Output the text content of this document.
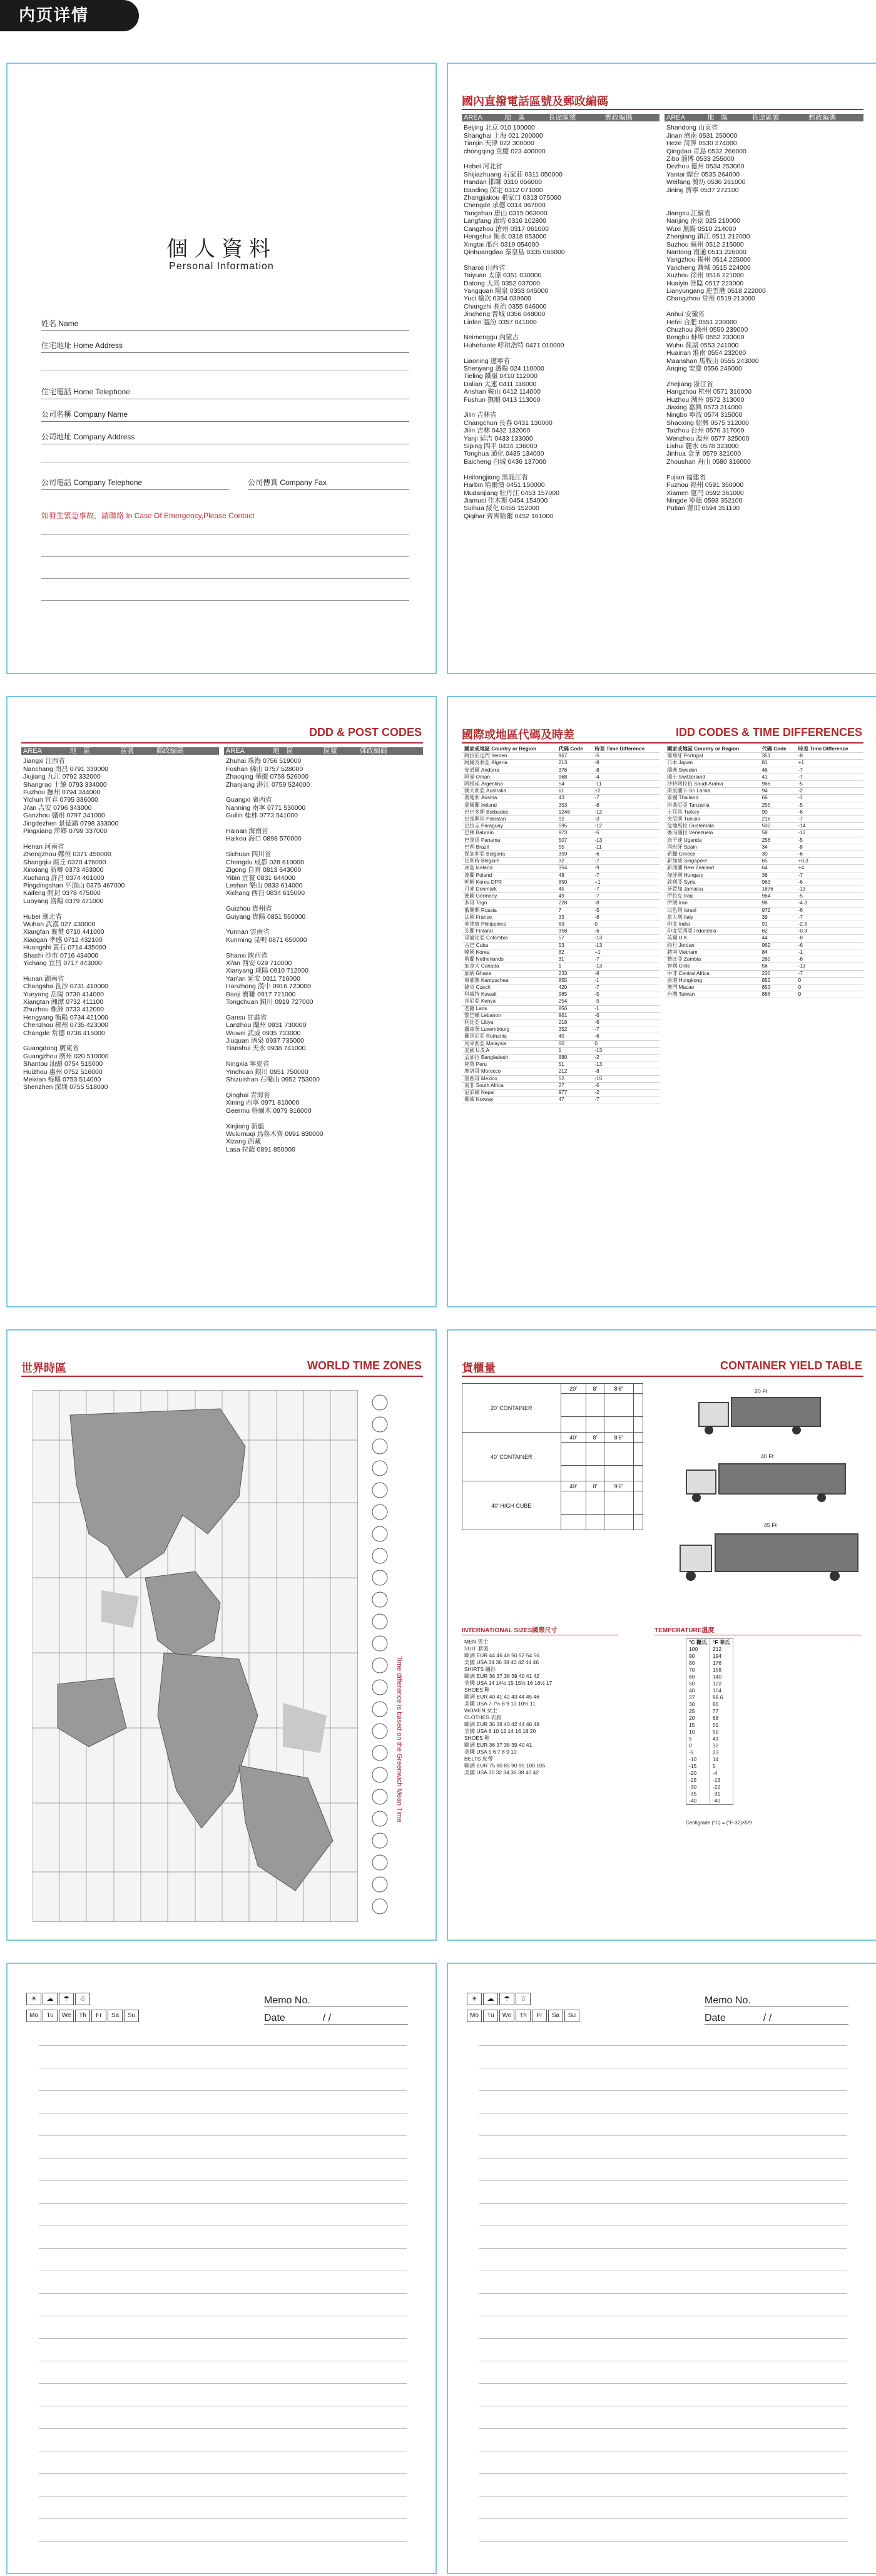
内页详情
個人資料
Personal Information
姓名 Name
住宅地址 Home Address
住宅電話 Home Telephone
公司名稱 Company Name
公司地址 Company Address
公司電話 Company Telephone	公司傳真 Company Fax
如發生緊急事故，請聯絡 In Case Of Emergency,Please Contact
國內直撥電話區號及郵政編碼
AREA	地　區	長途區號	郵政編碼
Beijing 北京 010 100000
Shanghai 上海 021 200000
Tianjin 天津 022 300000
chongqing 重慶 023 400000

Hebei 河北省
Shijiazhuang 石家莊 0311 050000
Handan 邯鄲 0310 056000
Baoding 保定 0312 071000
Zhangjiakou 張家口 0313 075000
Chengde 承德 0314 067000
Tangshan 唐山 0315 063000
Langfang 廊坊 0316 102800
Cangzhou 滄州 0317 061000
Hengshui 衡水 0318 053000
Xingtai 邢台 0319 054000
Qinhuangdao 秦皇島 0335 066000

Shanxi 山西省
Taiyuan 太原 0351 030000
Datong 大同 0352 037000
Yangquan 陽泉 0353 045000
Yuci 榆次 0354 030600
Changzhi 長治 0355 046000
Jincheng 晉城 0356 048000
Linfen 臨汾 0357 041000

Neimenggu 內蒙古
Huhehaote 呼和浩特 0471 010000

Liaoning 遼寧省
Shenyang 瀋陽 024 110000
Tieling 鐵嶺 0410 112000
Dalian 大連 0411 116000
Anshan 鞍山 0412 114000
Fushun 撫順 0413 113000

Jilin 吉林省
Changchun 長春 0431 130000
Jilin 吉林 0432 132000
Yanji 延吉 0433 133000
Siping 四平 0434 136000
Tonghua 通化 0435 134000
Baicheng 白城 0436 137000

Heilongjiang 黑龍江省
Harbin 哈爾濱 0451 150000
Mudanjiang 牡丹江 0453 157000
Jiamusi 佳木斯 0454 154000
Suihua 綏化 0455 152000
Qiqihar 齊齊哈爾 0452 161000
AREA	地　區	長途區號	郵政編碼
Shandong 山東省
Jinan 濟南 0531 250000
Heze 菏澤 0530 274000
Qingdao 青島 0532 266000
Zibo 淄博 0533 255000
Dezhou 德州 0534 253000
Yantai 煙台 0535 264000
Weifang 濰坊 0536 261000
Jining 濟寧 0537 272100

Jiangsu 江蘇省
Nanjing 南京 025 210000
Wuxi 無錫 0510 214000
Zhenjiang 鎮江 0511 212000
Suzhou 蘇州 0512 215000
Nantong 南通 0513 226000
Yangzhou 揚州 0514 225000
Yancheng 鹽城 0515 224000
Xuzhou 徐州 0516 221000
Huaiyin 淮陰 0517 223000
Lianyungang 連雲港 0518 222000
Changzhou 常州 0519 213000

Anhui 安徽省
Hefei 合肥 0551 230000
Chuzhou 滁州 0550 239000
Bengbu 蚌埠 0552 233000
Wuhu 蕪湖 0553 241000
Huainan 淮南 0554 232000
Maanshan 馬鞍山 0555 243000
Anqing 安慶 0556 246000

Zhejiang 浙江省
Hangzhou 杭州 0571 310000
Huzhou 湖州 0572 313000
Jiaxing 嘉興 0573 314000
Ningbo 寧波 0574 315000
Shaoxing 紹興 0575 312000
Taizhou 台州 0576 317000
Wenzhou 溫州 0577 325000
Lishui 麗水 0578 323000
Jinhua 金華 0579 321000
Zhoushan 舟山 0580 316000

Fujian 福建省
Fuzhou 福州 0591 350000
Xiamen 廈門 0592 361000
Ningde 寧德 0593 352100
Putian 莆田 0594 351100
DDD & POST CODES
AREA	地　區	區號	郵政編碼
Jiangxi 江西省
Nanchang 南昌 0791 330000
Jiujiang 九江 0792 332000
Shangrao 上饒 0793 334000
Fuzhou 撫州 0794 344000
Yichun 宜春 0795 336000
Ji'an 吉安 0796 343000
Ganzhou 贛州 0797 341000
Jingdezhen 景德鎮 0798 333000
Pingxiang 萍鄉 0799 337000

Henan 河南省
Zhengzhou 鄭州 0371 450000
Shangqiu 商丘 0370 476000
Xinxiang 新鄉 0373 453000
Xuchang 許昌 0374 461000
Pingdingshan 平頂山 0375 467000
Kaifeng 開封 0378 475000
Luoyang 洛陽 0379 471000

Hubei 湖北省
Wuhan 武漢 027 430000
Xiangfan 襄樊 0710 441000
Xiaogan 孝感 0712 432100
Huangshi 黃石 0714 435000
Shashi 沙市 0716 434000
Yichang 宜昌 0717 443000

Hunan 湖南省
Changsha 長沙 0731 410000
Yueyang 岳陽 0730 414000
Xiangtan 湘潭 0732 411100
Zhuzhou 株洲 0733 412000
Hengyang 衡陽 0734 421000
Chenzhou 郴州 0735 423000
Changde 常德 0736 415000

Guangdong 廣東省
Guangzhou 廣州 020 510000
Shantou 汕頭 0754 515000
Huizhou 惠州 0752 516000
Meixian 梅縣 0753 514000
Shenzhen 深圳 0755 518000
AREA	地　區	區號	郵政編碼
Zhuhai 珠海 0756 519000
Foshan 佛山 0757 528000
Zhaoqing 肇慶 0758 526000
Zhanjiang 湛江 0759 524000

Guangxi 廣西省
Nanning 南寧 0771 530000
Guilin 桂林 0773 541000

Hainan 海南省
Haikou 海口 0898 570000

Sichuan 四川省
Chengdu 成都 028 610000
Zigong 自貢 0813 643000
Yibin 宜賓 0831 644000
Leshan 樂山 0833 614000
Xichang 西昌 0834 615000

Guizhou 貴州省
Guiyang 貴陽 0851 550000

Yunnan 雲南省
Kunming 昆明 0871 650000

Shanxi 陝西省
Xi'an 西安 029 710000
Xianyang 咸陽 0910 712000
Yan'an 延安 0911 716000
Hanzhong 漢中 0916 723000
Baoji 寶雞 0917 721000
Tongchuan 銅川 0919 727000

Gansu 甘肅省
Lanzhou 蘭州 0931 730000
Wuwei 武威 0935 733000
Jiuquan 酒泉 0937 735000
Tianshui 天水 0938 741000

Ningxia 寧夏省
Yinchuan 銀川 0951 750000
Shizuishan 石嘴山 0952 753000

Qinghai 青海省
Xining 西寧 0971 810000
Geermu 格爾木 0979 816000

Xinjiang 新疆
Wulumuqi 烏魯木齊 0991 830000
Xizang 西藏
Lasa 拉薩 0891 850000
國際或地區代碼及時差	IDD CODES & TIME DIFFERENCES
國家或地區 Country or Region	代碼 Code	時差 Time Difference
阿拉伯也門 Yemen	967	-5
阿爾及利亞 Algeria	213	-8
安道爾 Andorra	376	-8
阿曼 Oman	968	-4
阿根廷 Argentina	54	-11
澳大利亞 Australia	61	+2
奧地利 Austria	43	-7
愛爾蘭 Ireland	353	-8
巴巴多斯 Barbados	1246	-12
巴基斯坦 Pakistan	92	-3
巴拉圭 Paraguay	595	-12
巴林 Bahrain	973	-5
巴拿馬 Panama	507	-13
巴西 Brazil	55	-11
保加利亞 Bulgaria	359	-6
比利時 Belgium	32	-7
冰島 Iceland	354	-9
波蘭 Poland	48	-7
朝鮮 Korea DPR	850	+1
丹麥 Denmark	45	-7
德國 Germany	49	-7
多哥 Togo	228	-8
俄羅斯 Russia	7	-5
法國 France	33	-8
菲律賓 Philippines	63	0
芬蘭 Finland	358	-6
哥倫比亞 Colombia	57	-13
古巴 Cuba	53	-13
韓國 Korea	82	+1
荷蘭 Netherlands	31	-7
加拿大 Canada	1	-13
加納 Ghana	233	-8
柬埔寨 Kampuchea	855	-1
捷克 Czech	420	-7
科威特 Kuwait	965	-5
肯尼亞 Kenya	254	-5
老撾 Laos	856	-1
黎巴嫩 Lebanon	961	-6
利比亞 Libya	218	-6
盧森堡 Luxembourg	352	-7
羅馬尼亞 Romania	40	-6
馬來西亞 Malaysia	60	0
美國 U.S.A	1	-13
孟加拉 Bangladesh	880	-2
秘魯 Peru	51	-13
摩洛哥 Morocco	212	-8
墨西哥 Mexico	52	-15
南非 South Africa	27	-6
尼泊爾 Nepal	977	-2
挪威 Norway	47	-7
國家或地區 Country or Region	代碼 Code	時差 Time Difference
葡萄牙 Portugal	351	-8
日本 Japan	81	+1
瑞典 Sweden	46	-7
瑞士 Switzerland	41	-7
沙特阿拉伯 Saudi Arabia	966	-5
斯里蘭卡 Sri Lanka	94	-2
泰國 Thailand	66	-1
坦桑尼亞 Tanzania	255	-5
土耳其 Turkey	90	-6
突尼斯 Tunisia	216	-7
危地馬拉 Guatemala	502	-14
委內瑞拉 Venezuela	58	-12
烏干達 Uganda	256	-5
西班牙 Spain	34	-8
希臘 Greece	30	-6
新加坡 Singapore	65	+0.3
新西蘭 New Zealand	64	+4
匈牙利 Hungary	36	-7
敘利亞 Syria	963	-6
牙買加 Jamaica	1876	-13
伊拉克 Iraq	964	-5
伊朗 Iran	98	-4.3
以色列 Israel	972	-6
意大利 Italy	39	-7
印度 India	91	-2.3
印度尼西亞 Indonesia	62	-0.3
英國 U.K.	44	-8
約旦 Jordan	962	-6
越南 Vietnam	84	-1
贊比亞 Zambia	260	-6
智利 Chile	56	-13
中非 Central Africa	236	-7
香港 Hongkong	852	0
澳門 Macao	853	0
台灣 Taiwan	886	0
世界時區	WORLD TIME ZONES
Time difference is based on the Greenwich Mean Time
貨櫃量	CONTAINER YIELD TABLE
20' CONTAINER	20'	8'	8'6"	

40' CONTAINER	40'	8'	8'6"	

40' HIGH CUBE	40'	8'	9'6"	

20 Ft
40 Ft
45 Ft
INTERNATIONAL SIZES國際尺寸
MEN 男士
SUIT 套裝
歐洲 EUR 44 46 48 50 52 54 56
美國 USA 34 36 38 40 42 44 46
SHIRTS 襯衫
歐洲 EUR 36 37 38 39 40 41 42
美國 USA 14 14½ 15 15½ 16 16½ 17
SHOES 鞋
歐洲 EUR 40 41 42 43 44 45 46
美國 USA 7 7½ 8 9 10 10½ 11
WOMEN 女士
CLOTHES 衣服
歐洲 EUR 36 38 40 42 44 46 48
美國 USA 8 10 12 14 16 18 20
SHOES 鞋
歐洲 EUR 36 37 38 39 40 41
美國 USA 5 6 7 8 9 10
BELTS 皮帶
歐洲 EUR 75 80 85 90 95 100 105
美國 USA 30 32 34 36 38 40 42
TEMPERATURE溫度
°C 攝氏	°F 華氏
100	212
90	194
80	176
70	158
60	140
50	122
40	104
37	98.6
30	86
25	77
20	68
15	59
10	50
5	41
0	32
-5	23
-10	14
-15	5
-20	-4
-25	-13
-30	-22
-35	-31
-40	-40
Centigrade (°C) = (°F-32)×5/9
☀ ☁ ☂ ☃
Mo Tu We Th Fr Sa Su
Memo No.
Date	/ /
☀ ☁ ☂ ☃
Mo Tu We Th Fr Sa Su
Memo No.
Date	/ /
